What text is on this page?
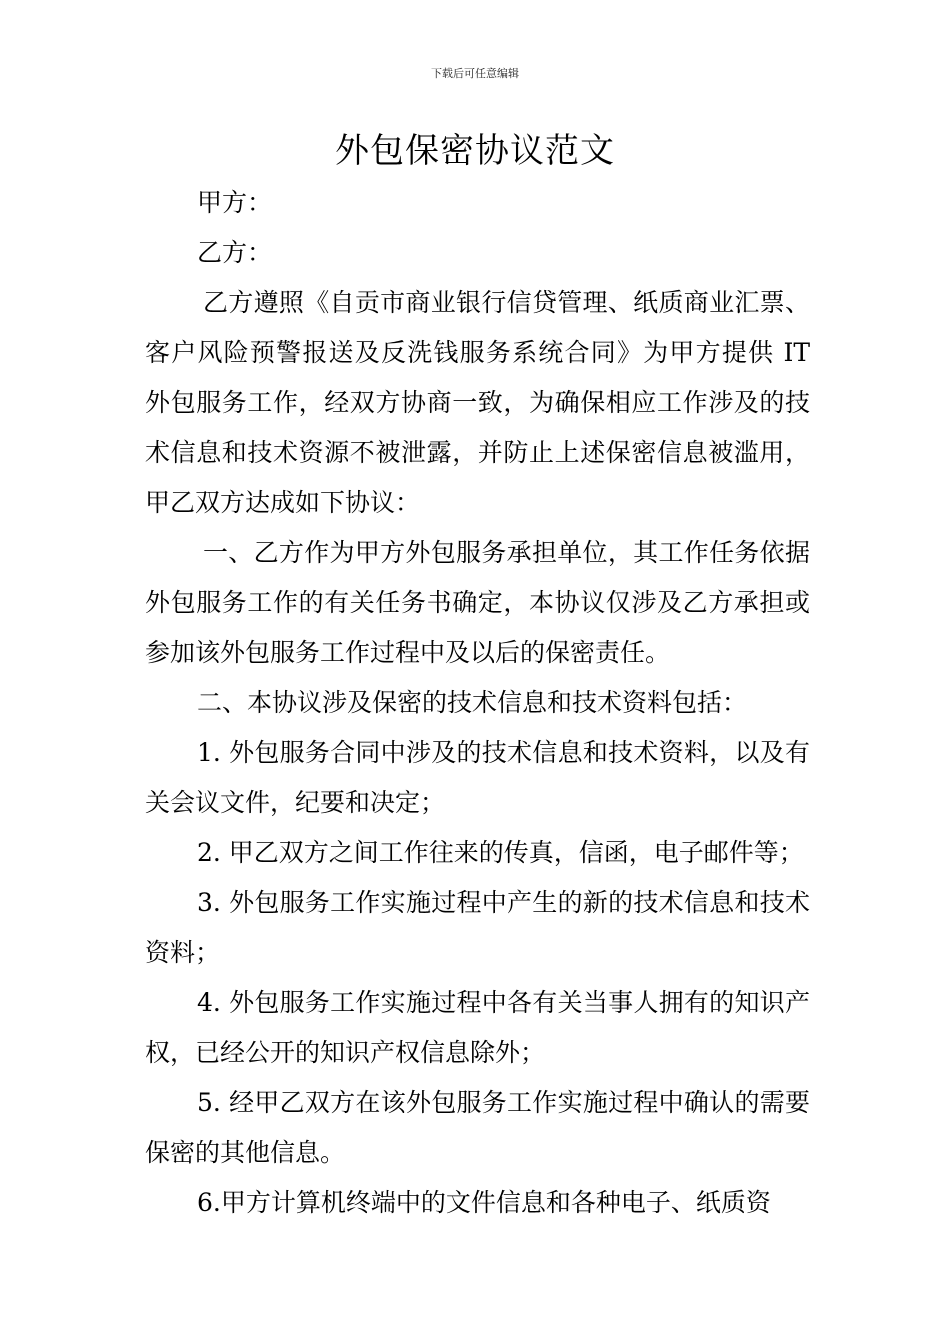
下载后可任意编辑
外包保密协议范文

甲方：

乙方：

乙方遵照《自贡市商业银行信贷管理、纸质商业汇票、客户风险预警报送及反洗钱服务系统合同》为甲方提供 IT 外包服务工作，经双方协商一致，为确保相应工作涉及的技术信息和技术资源不被泄露，并防止上述保密信息被滥用，甲乙双方达成如下协议：

一、乙方作为甲方外包服务承担单位，其工作任务依据外包服务工作的有关任务书确定，本协议仅涉及乙方承担或参加该外包服务工作过程中及以后的保密责任。

二、本协议涉及保密的技术信息和技术资料包括：

1. 外包服务合同中涉及的技术信息和技术资料，以及有关会议文件，纪要和决定；

2. 甲乙双方之间工作往来的传真，信函，电子邮件等；

3. 外包服务工作实施过程中产生的新的技术信息和技术资料；

4. 外包服务工作实施过程中各有关当事人拥有的知识产权，已经公开的知识产权信息除外；

5. 经甲乙双方在该外包服务工作实施过程中确认的需要保密的其他信息。

6.甲方计算机终端中的文件信息和各种电子、纸质资
